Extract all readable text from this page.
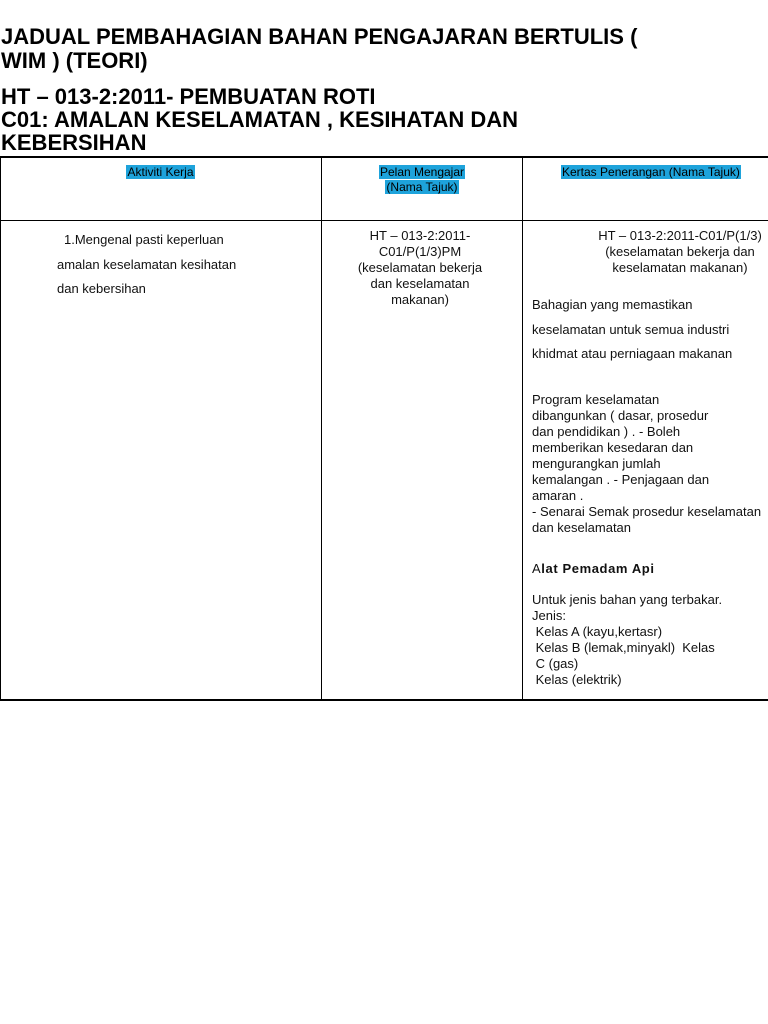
JADUAL PEMBAHAGIAN BAHAN PENGAJARAN BERTULIS (
WIM ) (TEORI)
HT – 013-2:2011- PEMBUATAN ROTI
C01: AMALAN KESELAMATAN , KESIHATAN DAN
KEBERSIHAN
Aktiviti Kerja	Pelan Mengajar
(Nama Tajuk)
Kertas Penerangan (Nama Tajuk)
1.Mengenal pasti keperluan
amalan keselamatan kesihatan
dan kebersihan
HT – 013-2:2011-
C01/P(1/3)PM
(keselamatan bekerja
dan keselamatan
makanan)
HT – 013-2:2011-C01/P(1/3)
(keselamatan bekerja dan
keselamatan makanan)
Bahagian yang memastikan
keselamatan untuk semua industri
khidmat atau perniagaan makanan
Program keselamatan
dibangunkan ( dasar, prosedur
dan pendidikan ) . - Boleh
memberikan kesedaran dan
mengurangkan jumlah
kemalangan . - Penjagaan dan
amaran .
- Senarai Semak prosedur keselamatan
dan keselamatan
Alat Pemadam Api
Untuk jenis bahan yang terbakar.
Jenis:
Kelas A (kayu,kertasr)
Kelas B (lemak,minyakl)  Kelas
C (gas)
Kelas (elektrik)
